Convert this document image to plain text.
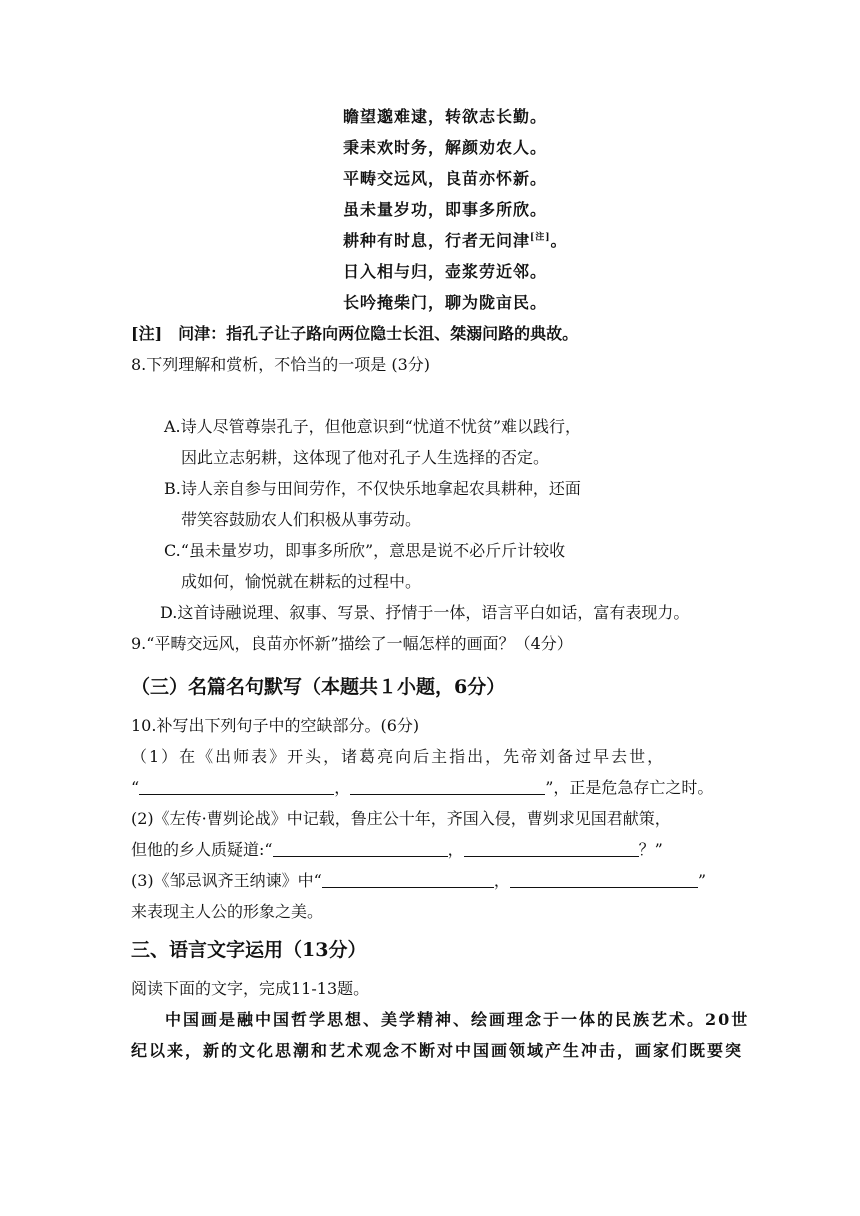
瞻望邈难逮，转欲志长勤。
秉耒欢时务，解颜劝农人。
平畴交远风，良苗亦怀新。
虽未量岁功，即事多所欣。
耕种有时息，行者无问津[注]。
日入相与归，壶浆劳近邻。
长吟掩柴门，聊为陇亩民。
[注]　问津：指孔子让子路向两位隐士长沮、桀溺问路的典故。
8.下列理解和赏析，不恰当的一项是 (3分)
A.诗人尽管尊崇孔子，但他意识到“忧道不忧贫”难以践行，
因此立志躬耕，这体现了他对孔子人生选择的否定。
B.诗人亲自参与田间劳作，不仅快乐地拿起农具耕种，还面
带笑容鼓励农人们积极从事劳动。
C.“虽未量岁功，即事多所欣”，意思是说不必斤斤计较收
成如何，愉悦就在耕耘的过程中。
D.这首诗融说理、叙事、写景、抒情于一体，语言平白如话，富有表现力。
9.“平畴交远风，良苗亦怀新”描绘了一幅怎样的画面？（4分）
（三）名篇名句默写（本题共１小题，6分）
10.补写出下列句子中的空缺部分。(6分)
（1）在《出师表》开头，诸葛亮向后主指出，先帝刘备过早去世，
“	，	”，正是危急存亡之时。
(2)《左传·曹刿论战》中记载，鲁庄公十年，齐国入侵，曹刿求见国君献策，
但他的乡人质疑道:“	，	？”
(3)《邹忌讽齐王纳谏》中“	，	”
来表现主人公的形象之美。
三、语言文字运用（13分）
阅读下面的文字，完成11-13题。
中国画是融中国哲学思想、美学精神、绘画理念于一体的民族艺术。20世
纪以来，新的文化思潮和艺术观念不断对中国画领域产生冲击，画家们既要突
